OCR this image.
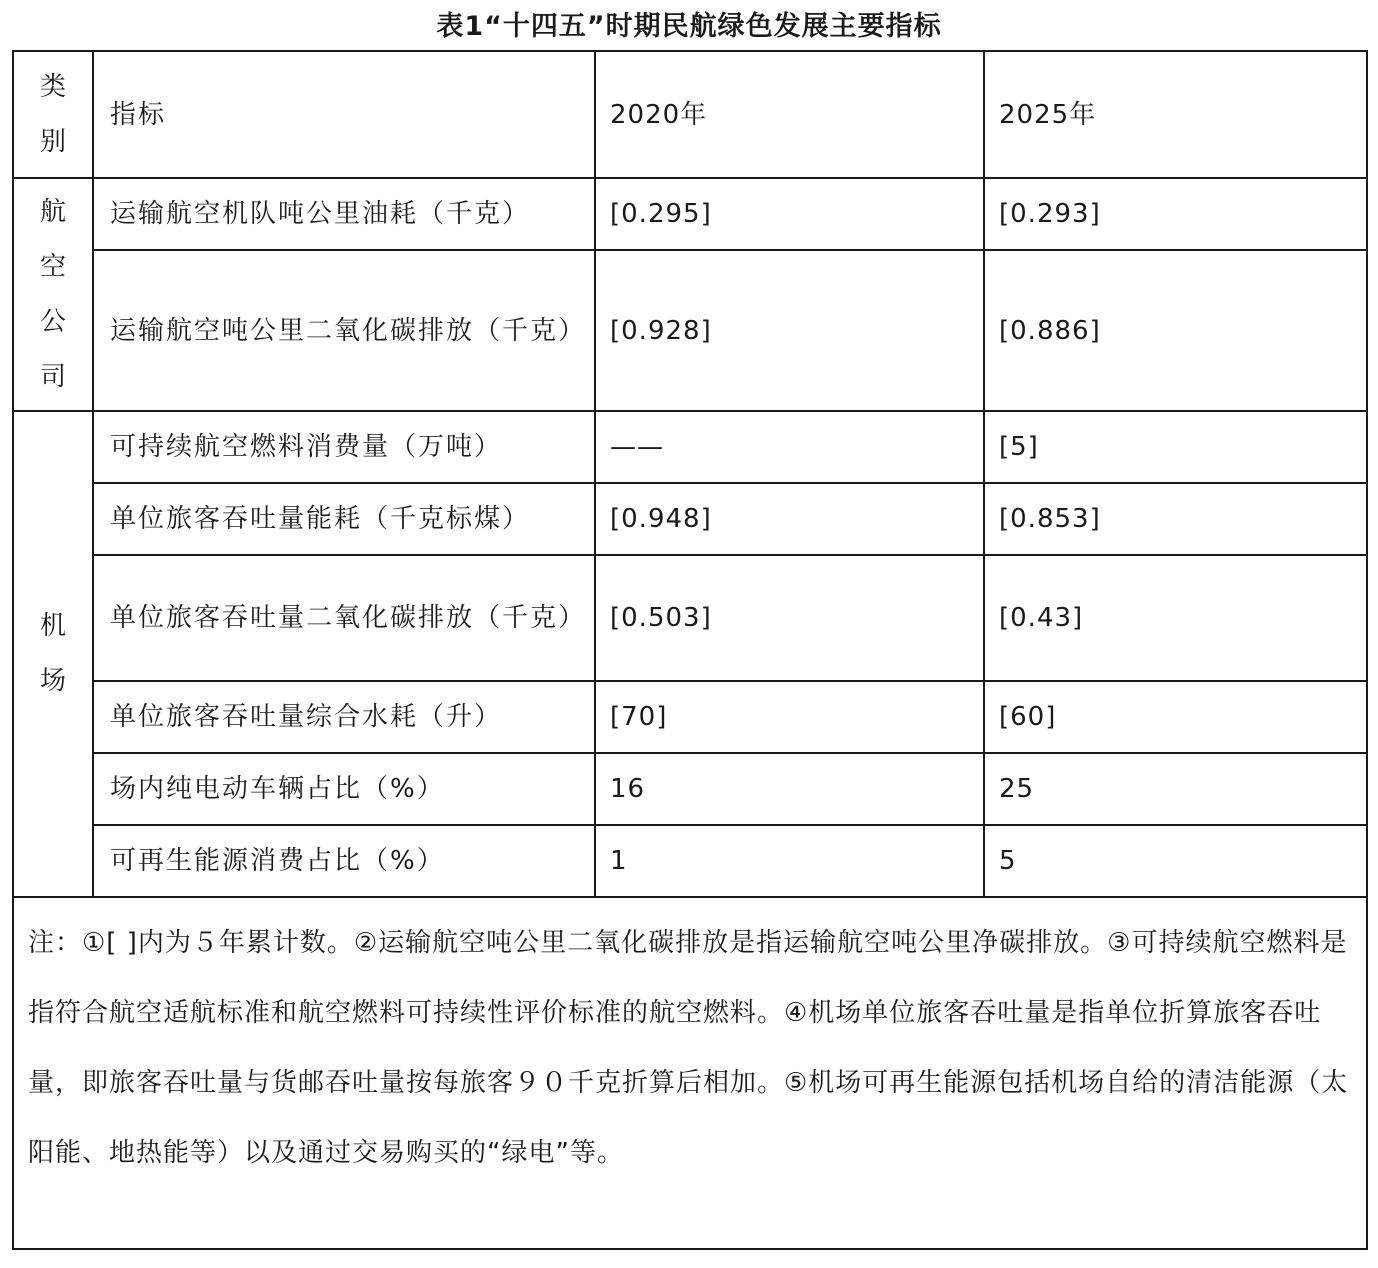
表1“十四五”时期民航绿色发展主要指标
类别	指标	2020年	2025年

航空公司	运输航空机队吨公里油耗（千克）	[0.295]	[0.293]
	运输航空吨公里二氧化碳排放（千克）	[0.928]	[0.886]

机场	可持续航空燃料消费量（万吨）	——	[5]
	单位旅客吞吐量能耗（千克标煤）	[0.948]	[0.853]
	单位旅客吞吐量二氧化碳排放（千克）	[0.503]	[0.43]
	单位旅客吞吐量综合水耗（升）	[70]	[60]
	场内纯电动车辆占比（%）	16	25
	可再生能源消费占比（%）	1	5
注：①[ ]内为５年累计数。②运输航空吨公里二氧化碳排放是指运输航空吨公里净碳排放。③可持续航空燃料是指符合航空适航标准和航空燃料可持续性评价标准的航空燃料。④机场单位旅客吞吐量是指单位折算旅客吞吐量，即旅客吞吐量与货邮吞吐量按每旅客９０千克折算后相加。⑤机场可再生能源包括机场自给的清洁能源（太阳能、地热能等）以及通过交易购买的“绿电”等。			
